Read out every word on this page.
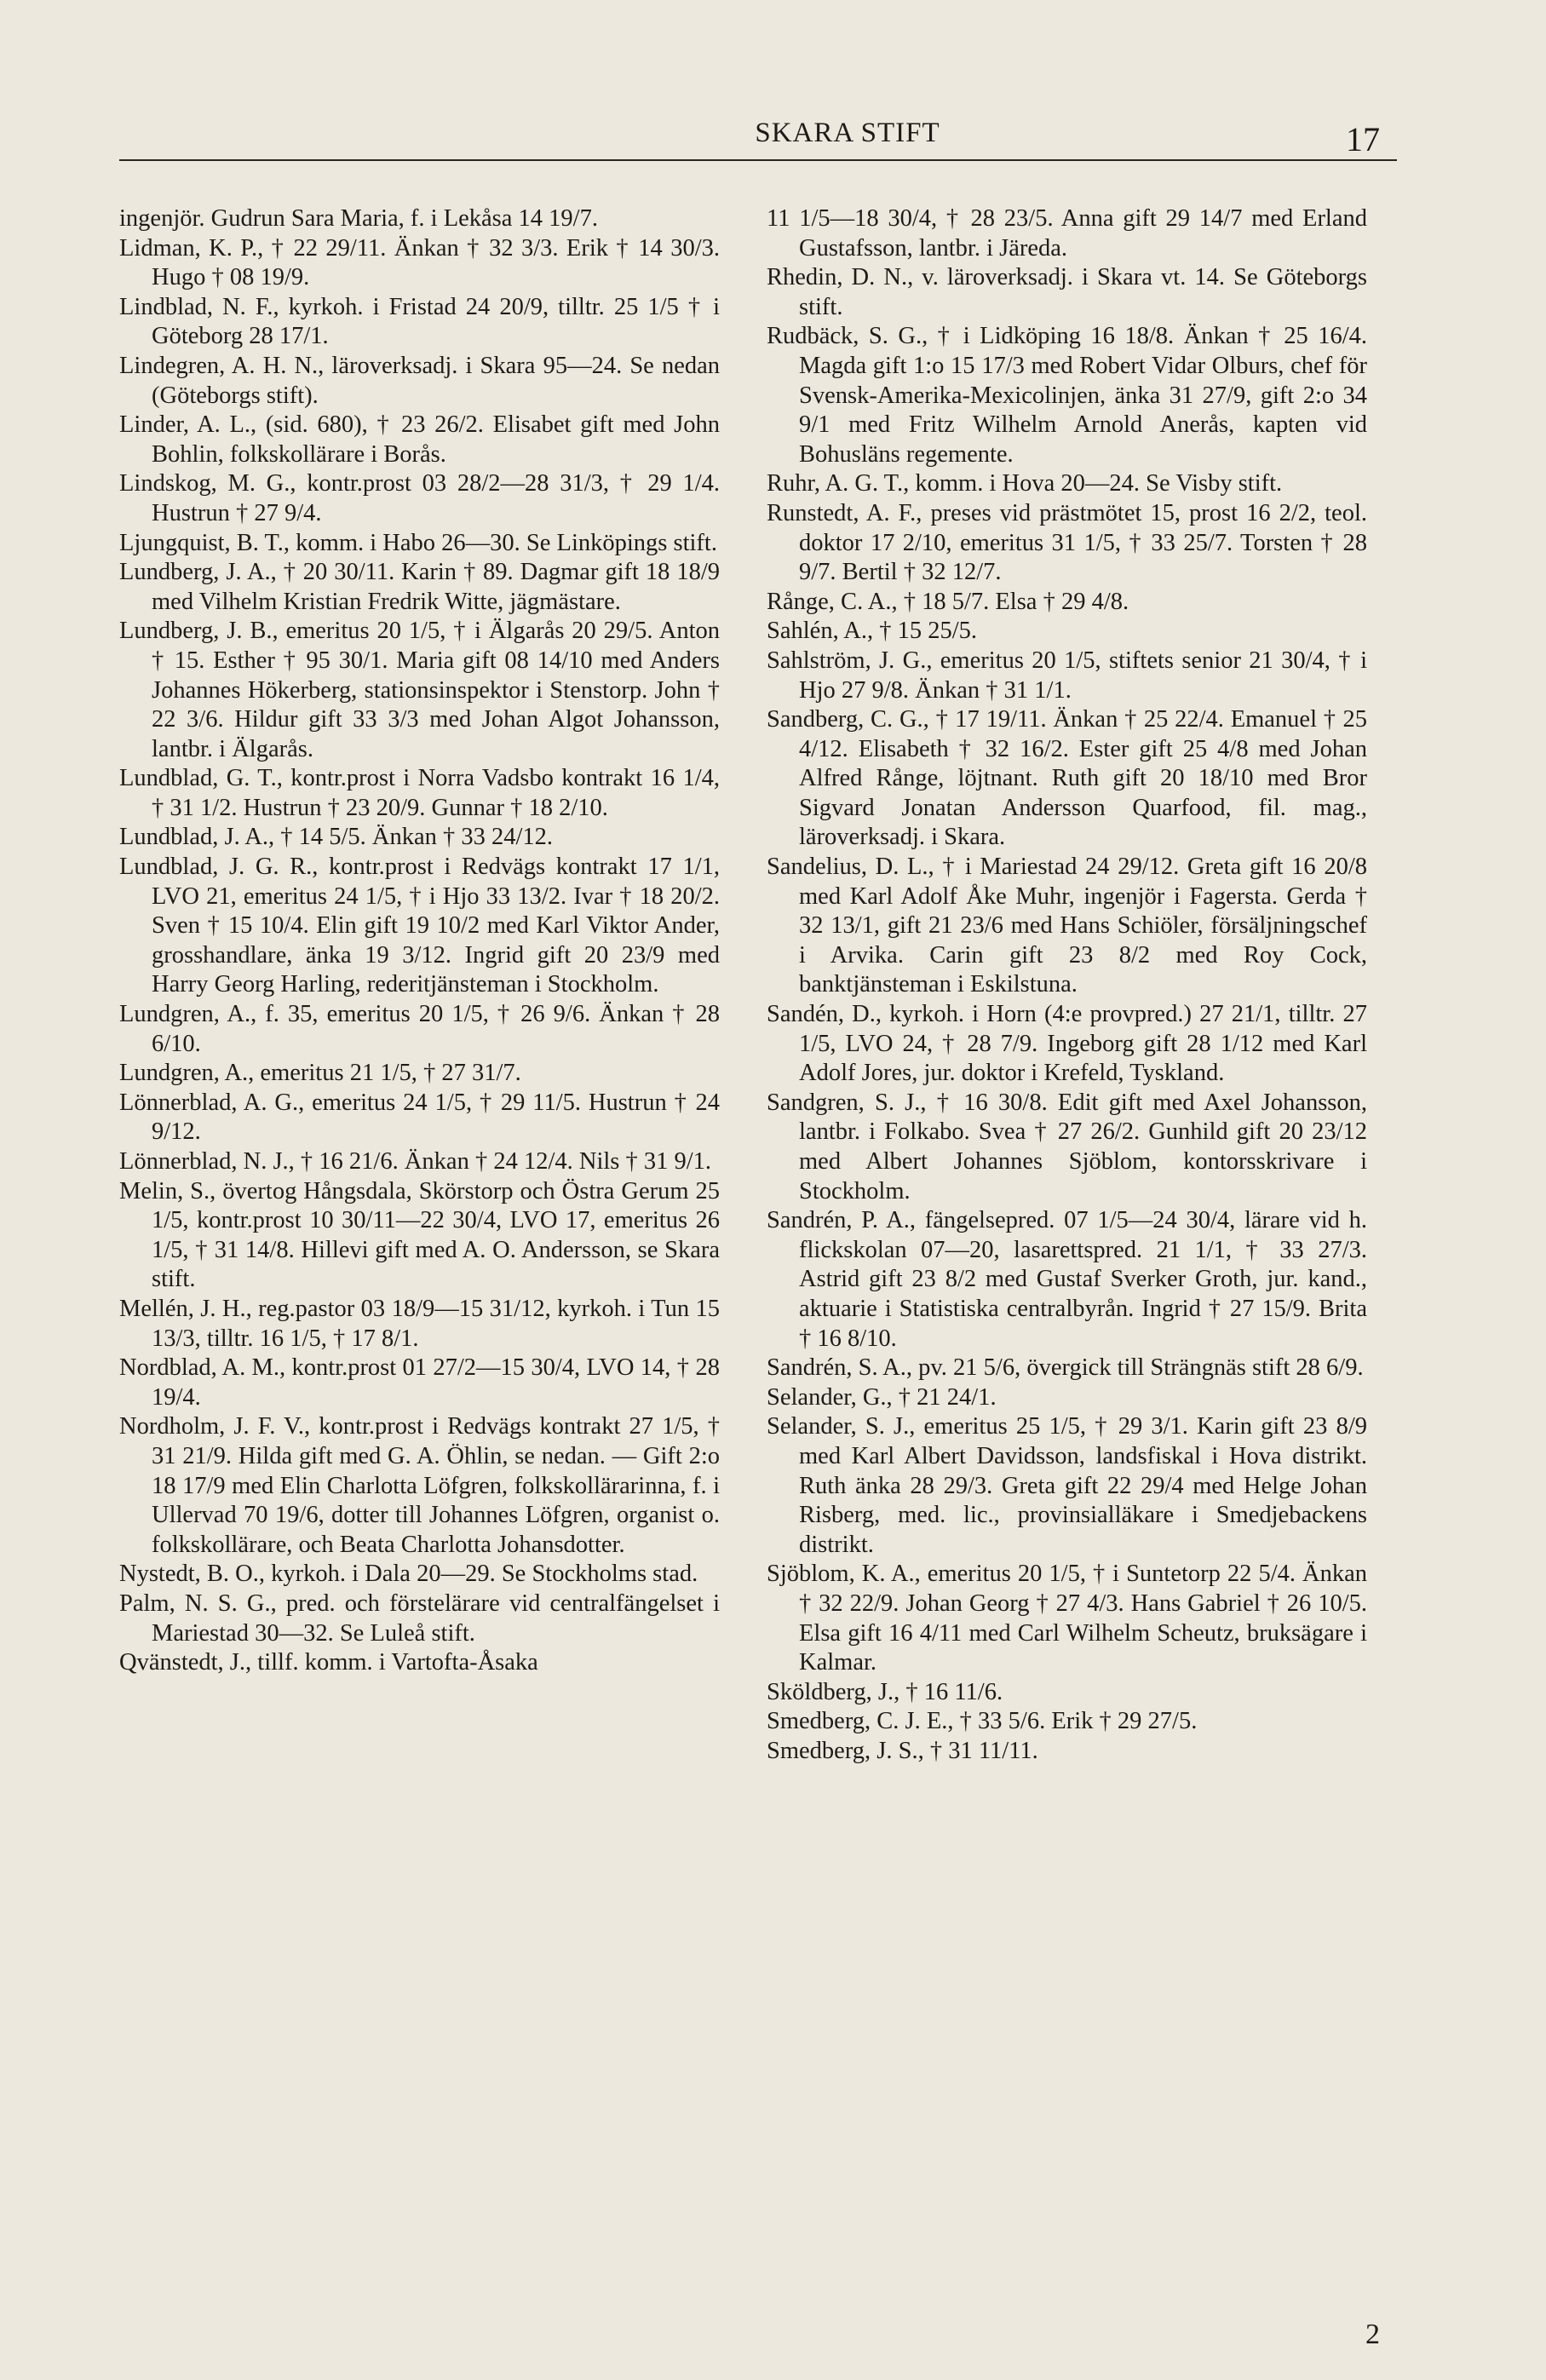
SKARA STIFT	17

ingenjör. Gudrun Sara Maria, f. i Lekåsa 14 19/7.

Lidman, K. P., † 22 29/11. Änkan † 32 3/3. Erik † 14 30/3. Hugo † 08 19/9.

Lindblad, N. F., kyrkoh. i Fristad 24 20/9, tilltr. 25 1/5 † i Göteborg 28 17/1.

Lindegren, A. H. N., läroverksadj. i Skara 95—24. Se nedan (Göteborgs stift).

Linder, A. L., (sid. 680), † 23 26/2. Elisabet gift med John Bohlin, folkskollärare i Borås.

Lindskog, M. G., kontr.prost 03 28/2—28 31/3, † 29 1/4. Hustrun † 27 9/4.

Ljungquist, B. T., komm. i Habo 26—30. Se Linköpings stift.

Lundberg, J. A., † 20 30/11. Karin † 89. Dagmar gift 18 18/9 med Vilhelm Kristian Fredrik Witte, jägmästare.

Lundberg, J. B., emeritus 20 1/5, † i Älgarås 20 29/5. Anton † 15. Esther † 95 30/1. Maria gift 08 14/10 med Anders Johannes Hökerberg, stationsinspektor i Stenstorp. John † 22 3/6. Hildur gift 33 3/3 med Johan Algot Johansson, lantbr. i Älgarås.

Lundblad, G. T., kontr.prost i Norra Vadsbo kontrakt 16 1/4, † 31 1/2. Hustrun † 23 20/9. Gunnar † 18 2/10.

Lundblad, J. A., † 14 5/5. Änkan † 33 24/12.

Lundblad, J. G. R., kontr.prost i Redvägs kontrakt 17 1/1, LVO 21, emeritus 24 1/5, † i Hjo 33 13/2. Ivar † 18 20/2. Sven † 15 10/4. Elin gift 19 10/2 med Karl Viktor Ander, grosshandlare, änka 19 3/12. Ingrid gift 20 23/9 med Harry Georg Harling, rederitjänsteman i Stockholm.

Lundgren, A., f. 35, emeritus 20 1/5, † 26 9/6. Änkan † 28 6/10.

Lundgren, A., emeritus 21 1/5, † 27 31/7.

Lönnerblad, A. G., emeritus 24 1/5, † 29 11/5. Hustrun † 24 9/12.

Lönnerblad, N. J., † 16 21/6. Änkan † 24 12/4. Nils † 31 9/1.

Melin, S., övertog Hångsdala, Skörstorp och Östra Gerum 25 1/5, kontr.prost 10 30/11—22 30/4, LVO 17, emeritus 26 1/5, † 31 14/8. Hillevi gift med A. O. Andersson, se Skara stift.

Mellén, J. H., reg.pastor 03 18/9—15 31/12, kyrkoh. i Tun 15 13/3, tilltr. 16 1/5, † 17 8/1.

Nordblad, A. M., kontr.prost 01 27/2—15 30/4, LVO 14, † 28 19/4.

Nordholm, J. F. V., kontr.prost i Redvägs kontrakt 27 1/5, † 31 21/9. Hilda gift med G. A. Öhlin, se nedan. — Gift 2:o 18 17/9 med Elin Charlotta Löfgren, folkskollärarinna, f. i Ullervad 70 19/6, dotter till Johannes Löfgren, organist o. folkskollärare, och Beata Charlotta Johansdotter.

Nystedt, B. O., kyrkoh. i Dala 20—29. Se Stockholms stad.

Palm, N. S. G., pred. och förstelärare vid centralfängelset i Mariestad 30—32. Se Luleå stift.

Qvänstedt, J., tillf. komm. i Vartofta-Åsaka

11 1/5—18 30/4, † 28 23/5. Anna gift 29 14/7 med Erland Gustafsson, lantbr. i Järeda.

Rhedin, D. N., v. läroverksadj. i Skara vt. 14. Se Göteborgs stift.

Rudbäck, S. G., † i Lidköping 16 18/8. Änkan † 25 16/4. Magda gift 1:o 15 17/3 med Robert Vidar Olburs, chef för Svensk-Amerika-Mexicolinjen, änka 31 27/9, gift 2:o 34 9/1 med Fritz Wilhelm Arnold Anerås, kapten vid Bohusläns regemente.

Ruhr, A. G. T., komm. i Hova 20—24. Se Visby stift.

Runstedt, A. F., preses vid prästmötet 15, prost 16 2/2, teol. doktor 17 2/10, emeritus 31 1/5, † 33 25/7. Torsten † 28 9/7. Bertil † 32 12/7.

Rånge, C. A., † 18 5/7. Elsa † 29 4/8.

Sahlén, A., † 15 25/5.

Sahlström, J. G., emeritus 20 1/5, stiftets senior 21 30/4, † i Hjo 27 9/8. Änkan † 31 1/1.

Sandberg, C. G., † 17 19/11. Änkan † 25 22/4. Emanuel † 25 4/12. Elisabeth † 32 16/2. Ester gift 25 4/8 med Johan Alfred Rånge, löjtnant. Ruth gift 20 18/10 med Bror Sigvard Jonatan Andersson Quarfood, fil. mag., läroverksadj. i Skara.

Sandelius, D. L., † i Mariestad 24 29/12. Greta gift 16 20/8 med Karl Adolf Åke Muhr, ingenjör i Fagersta. Gerda † 32 13/1, gift 21 23/6 med Hans Schiöler, försäljningschef i Arvika. Carin gift 23 8/2 med Roy Cock, banktjänsteman i Eskilstuna.

Sandén, D., kyrkoh. i Horn (4:e provpred.) 27 21/1, tilltr. 27 1/5, LVO 24, † 28 7/9. Ingeborg gift 28 1/12 med Karl Adolf Jores, jur. doktor i Krefeld, Tyskland.

Sandgren, S. J., † 16 30/8. Edit gift med Axel Johansson, lantbr. i Folkabo. Svea † 27 26/2. Gunhild gift 20 23/12 med Albert Johannes Sjöblom, kontorsskrivare i Stockholm.

Sandrén, P. A., fängelsepred. 07 1/5—24 30/4, lärare vid h. flickskolan 07—20, lasarettspred. 21 1/1, † 33 27/3. Astrid gift 23 8/2 med Gustaf Sverker Groth, jur. kand., aktuarie i Statistiska centralbyrån. Ingrid † 27 15/9. Brita † 16 8/10.

Sandrén, S. A., pv. 21 5/6, övergick till Strängnäs stift 28 6/9.

Selander, G., † 21 24/1.

Selander, S. J., emeritus 25 1/5, † 29 3/1. Karin gift 23 8/9 med Karl Albert Davidsson, landsfiskal i Hova distrikt. Ruth änka 28 29/3. Greta gift 22 29/4 med Helge Johan Risberg, med. lic., provinsialläkare i Smedjebackens distrikt.

Sjöblom, K. A., emeritus 20 1/5, † i Suntetorp 22 5/4. Änkan † 32 22/9. Johan Georg † 27 4/3. Hans Gabriel † 26 10/5. Elsa gift 16 4/11 med Carl Wilhelm Scheutz, bruksägare i Kalmar.

Sköldberg, J., † 16 11/6.

Smedberg, C. J. E., † 33 5/6. Erik † 29 27/5.

Smedberg, J. S., † 31 11/11.

2
